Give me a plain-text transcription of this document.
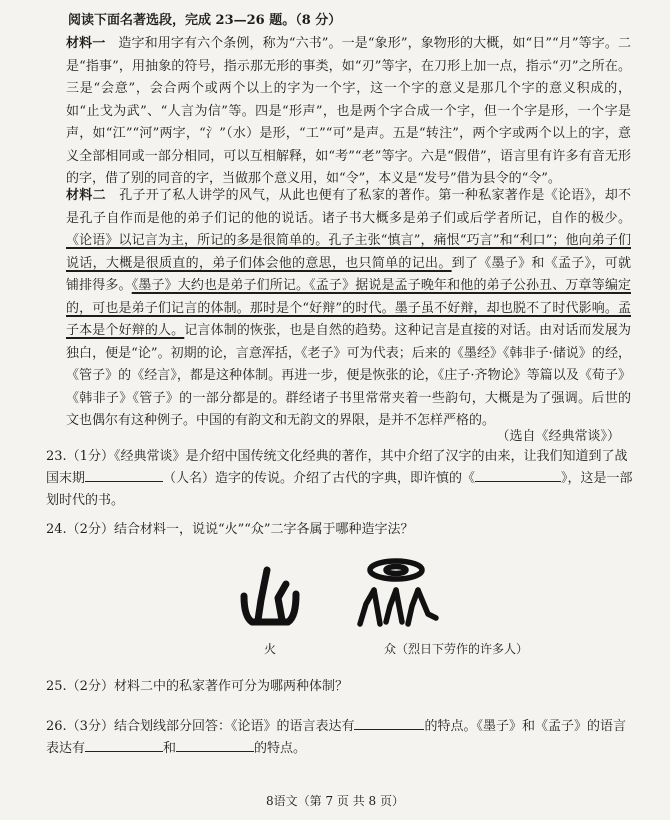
阅读下面名著选段，完成 23—26 题。（8 分）

材料一  造字和用字有六个条例，称为“六书”。一是“象形”，象物形的大概，如“日”“月”等字。二是“指事”，用抽象的符号，指示那无形的事类，如“刃”等字，在刀形上加一点，指示“刃”之所在。三是“会意”，会合两个或两个以上的字为一个字，这一个字的意义是那几个字的意义积成的，如“止戈为武”、“人言为信”等。四是“形声”，也是两个字合成一个字，但一个字是形，一个字是声，如“江”“河”两字，“氵”（水）是形，“工”“可”是声。五是“转注”，两个字或两个以上的字，意义全部相同或一部分相同，可以互相解释，如“考”“老”等字。六是“假借”，语言里有许多有音无形的字，借了别的同音的字，当做那个意义用，如“令”，本义是“发号”借为县令的“令”。

材料二  孔子开了私人讲学的风气，从此也便有了私家的著作。第一种私家著作是《论语》，却不是孔子自作而是他的弟子们记的他的说话。诸子书大概多是弟子们或后学者所记，自作的极少。《论语》以记言为主，所记的多是很简单的。孔子主张“慎言”，痛恨“巧言”和“利口”；他向弟子们说话，大概是很质直的，弟子们体会他的意思，也只简单的记出。到了《墨子》和《孟子》，可就铺排得多。《墨子》大约也是弟子们所记。《孟子》据说是孟子晚年和他的弟子公孙丑、万章等编定的，可也是弟子们记言的体制。那时是个“好辩”的时代。墨子虽不好辩，却也脱不了时代影响。孟子本是个好辩的人。记言体制的恢张，也是自然的趋势。这种记言是直接的对话。由对话而发展为独白，便是“论”。初期的论，言意浑括，《老子》可为代表；后来的《墨经》《韩非子·储说》的经，《管子》的《经言》，都是这种体制。再进一步，便是恢张的论，《庄子·齐物论》等篇以及《荀子》《韩非子》《管子》的一部分都是的。群经诸子书里常常夹着一些韵句，大概是为了强调。后世的文也偶尔有这种例子。中国的有韵文和无韵文的界限，是并不怎样严格的。

（选自《经典常谈》）

23.（1分）《经典常谈》是介绍中国传统文化经典的著作，其中介绍了汉字的由来，让我们知道到了战国末期	（人名）造字的传说。介绍了古代的字典，即许慎的《	》，这是一部划时代的书。

24.（2分）结合材料一，说说“火”“众”二字各属于哪种造字法？

火	众（烈日下劳作的许多人）

25.（2分）材料二中的私家著作可分为哪两种体制？

26.（3分）结合划线部分回答：《论语》的语言表达有	的特点。《墨子》和《孟子》的语言表达有	和	的特点。

8语文（第 7 页 共 8 页）
